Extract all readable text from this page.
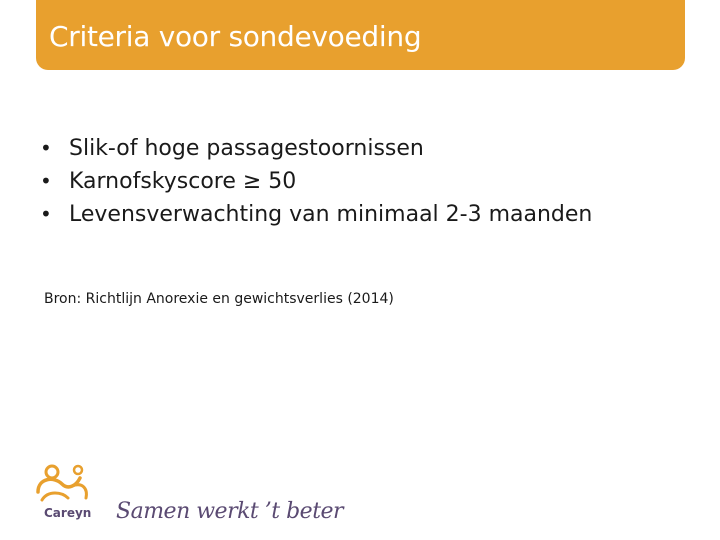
Criteria voor sondevoeding
• Slik-of hoge passagestoornissen
• Karnofskyscore ≥ 50
• Levensverwachting van minimaal 2-3 maanden
Bron: Richtlijn Anorexie en gewichtsverlies (2014)
Careyn Samen werkt ’t beter
